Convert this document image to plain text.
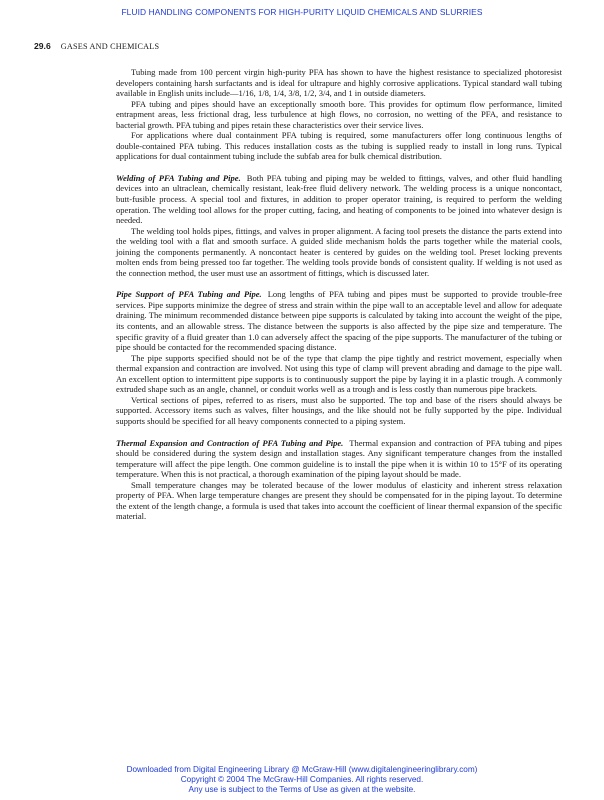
FLUID HANDLING COMPONENTS FOR HIGH-PURITY LIQUID CHEMICALS AND SLURRIES
29.6 GASES AND CHEMICALS

Tubing made from 100 percent virgin high-purity PFA has shown to have the highest resistance to specialized photoresist developers containing harsh surfactants and is ideal for ultrapure and highly corrosive applications. Typical standard wall tubing available in English units include—1/16, 1/8, 1/4, 3/8, 1/2, 3/4, and 1 in outside diameters.

PFA tubing and pipes should have an exceptionally smooth bore. This provides for optimum flow performance, limited entrapment areas, less frictional drag, less turbulence at high flows, no corrosion, no wetting of the PFA, and resistance to bacterial growth. PFA tubing and pipes retain these characteristics over their service lives.

For applications where dual containment PFA tubing is required, some manufacturers offer long continuous lengths of double-contained PFA tubing. This reduces installation costs as the tubing is supplied ready to install in long runs. Typical applications for dual containment tubing include the subfab area for bulk chemical distribution.

Welding of PFA Tubing and Pipe. Both PFA tubing and piping may be welded to fittings, valves, and other fluid handling devices into an ultraclean, chemically resistant, leak-free fluid delivery network. The welding process is a unique noncontact, butt-fusible process. A special tool and fixtures, in addition to proper operator training, is required to perform the welding operation. The welding tool allows for the proper cutting, facing, and heating of components to be joined into whatever design is needed.

The welding tool holds pipes, fittings, and valves in proper alignment. A facing tool presets the distance the parts extend into the welding tool with a flat and smooth surface. A guided slide mechanism holds the parts together while the material cools, joining the components permanently. A noncontact heater is centered by guides on the welding tool. Preset locking prevents molten ends from being pressed too far together. The welding tools provide bonds of consistent quality. If welding is not used as the connection method, the user must use an assortment of fittings, which is discussed later.

Pipe Support of PFA Tubing and Pipe. Long lengths of PFA tubing and pipes must be supported to provide trouble-free services. Pipe supports minimize the degree of stress and strain within the pipe wall to an acceptable level and allow for adequate draining. The minimum recommended distance between pipe supports is calculated by taking into account the weight of the pipe, its contents, and an allowable stress. The distance between the supports is also affected by the pipe size and temperature. The specific gravity of a fluid greater than 1.0 can adversely affect the spacing of the pipe supports. The manufacturer of the tubing or pipe should be contacted for the recommended spacing distance.

The pipe supports specified should not be of the type that clamp the pipe tightly and restrict movement, especially when thermal expansion and contraction are involved. Not using this type of clamp will prevent abrading and damage to the pipe wall. An excellent option to intermittent pipe supports is to continuously support the pipe by laying it in a plastic trough. A commonly extruded shape such as an angle, channel, or conduit works well as a trough and is less costly than numerous pipe brackets.

Vertical sections of pipes, referred to as risers, must also be supported. The top and base of the risers should always be supported. Accessory items such as valves, filter housings, and the like should not be fully supported by the pipe. Individual supports should be specified for all heavy components connected to a piping system.

Thermal Expansion and Contraction of PFA Tubing and Pipe. Thermal expansion and contraction of PFA tubing and pipes should be considered during the system design and installation stages. Any significant temperature changes from the installed temperature will affect the pipe length. One common guideline is to install the pipe when it is within 10 to 15°F of its operating temperature. When this is not practical, a thorough examination of the piping layout should be made.

Small temperature changes may be tolerated because of the lower modulus of elasticity and inherent stress relaxation property of PFA. When large temperature changes are present they should be compensated for in the piping layout. To determine the extent of the length change, a formula is used that takes into account the coefficient of linear thermal expansion of the specific material.

Downloaded from Digital Engineering Library @ McGraw-Hill (www.digitalengineeringlibrary.com)
Copyright © 2004 The McGraw-Hill Companies. All rights reserved.
Any use is subject to the Terms of Use as given at the website.
